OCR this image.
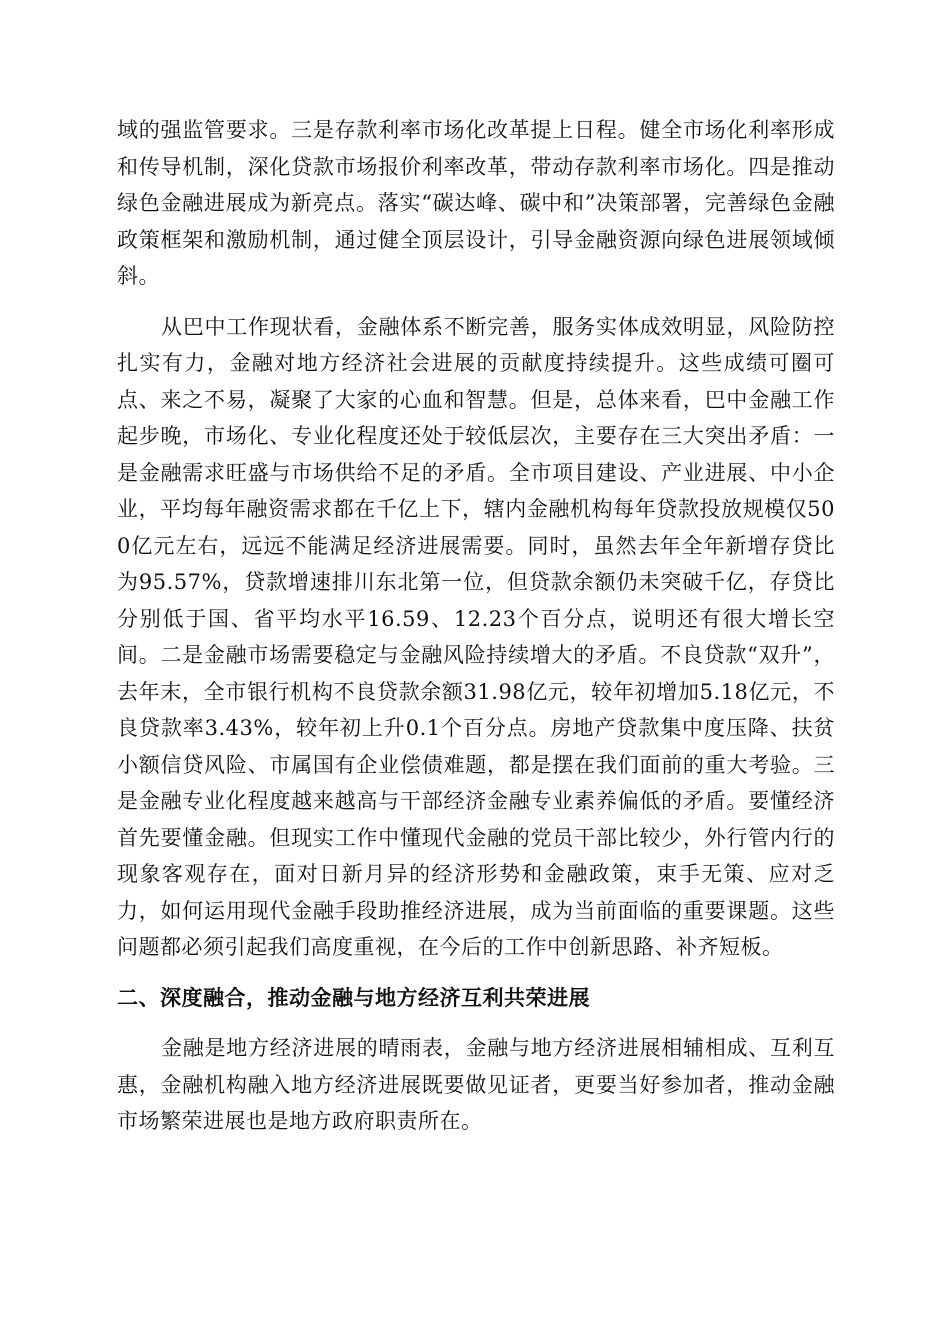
域的强监管要求。三是存款利率市场化改革提上日程。健全市场化利率形成和传导机制，深化贷款市场报价利率改革，带动存款利率市场化。四是推动绿色金融进展成为新亮点。落实“碳达峰、碳中和”决策部署，完善绿色金融政策框架和激励机制，通过健全顶层设计，引导金融资源向绿色进展领域倾斜。

从巴中工作现状看，金融体系不断完善，服务实体成效明显，风险防控扎实有力，金融对地方经济社会进展的贡献度持续提升。这些成绩可圈可点、来之不易，凝聚了大家的心血和智慧。但是，总体来看，巴中金融工作起步晚，市场化、专业化程度还处于较低层次，主要存在三大突出矛盾：一是金融需求旺盛与市场供给不足的矛盾。全市项目建设、产业进展、中小企业，平均每年融资需求都在千亿上下，辖内金融机构每年贷款投放规模仅500亿元左右，远远不能满足经济进展需要。同时，虽然去年全年新增存贷比为95.57%，贷款增速排川东北第一位，但贷款余额仍未突破千亿，存贷比分别低于国、省平均水平16.59、12.23个百分点，说明还有很大增长空间。二是金融市场需要稳定与金融风险持续增大的矛盾。不良贷款“双升”，去年末，全市银行机构不良贷款余额31.98亿元，较年初增加5.18亿元，不良贷款率3.43%，较年初上升0.1个百分点。房地产贷款集中度压降、扶贫小额信贷风险、市属国有企业偿债难题，都是摆在我们面前的重大考验。三是金融专业化程度越来越高与干部经济金融专业素养偏低的矛盾。要懂经济首先要懂金融。但现实工作中懂现代金融的党员干部比较少，外行管内行的现象客观存在，面对日新月异的经济形势和金融政策，束手无策、应对乏力，如何运用现代金融手段助推经济进展，成为当前面临的重要课题。这些问题都必须引起我们高度重视，在今后的工作中创新思路、补齐短板。

二、深度融合，推动金融与地方经济互利共荣进展

金融是地方经济进展的晴雨表，金融与地方经济进展相辅相成、互利互惠，金融机构融入地方经济进展既要做见证者，更要当好参加者，推动金融市场繁荣进展也是地方政府职责所在。
